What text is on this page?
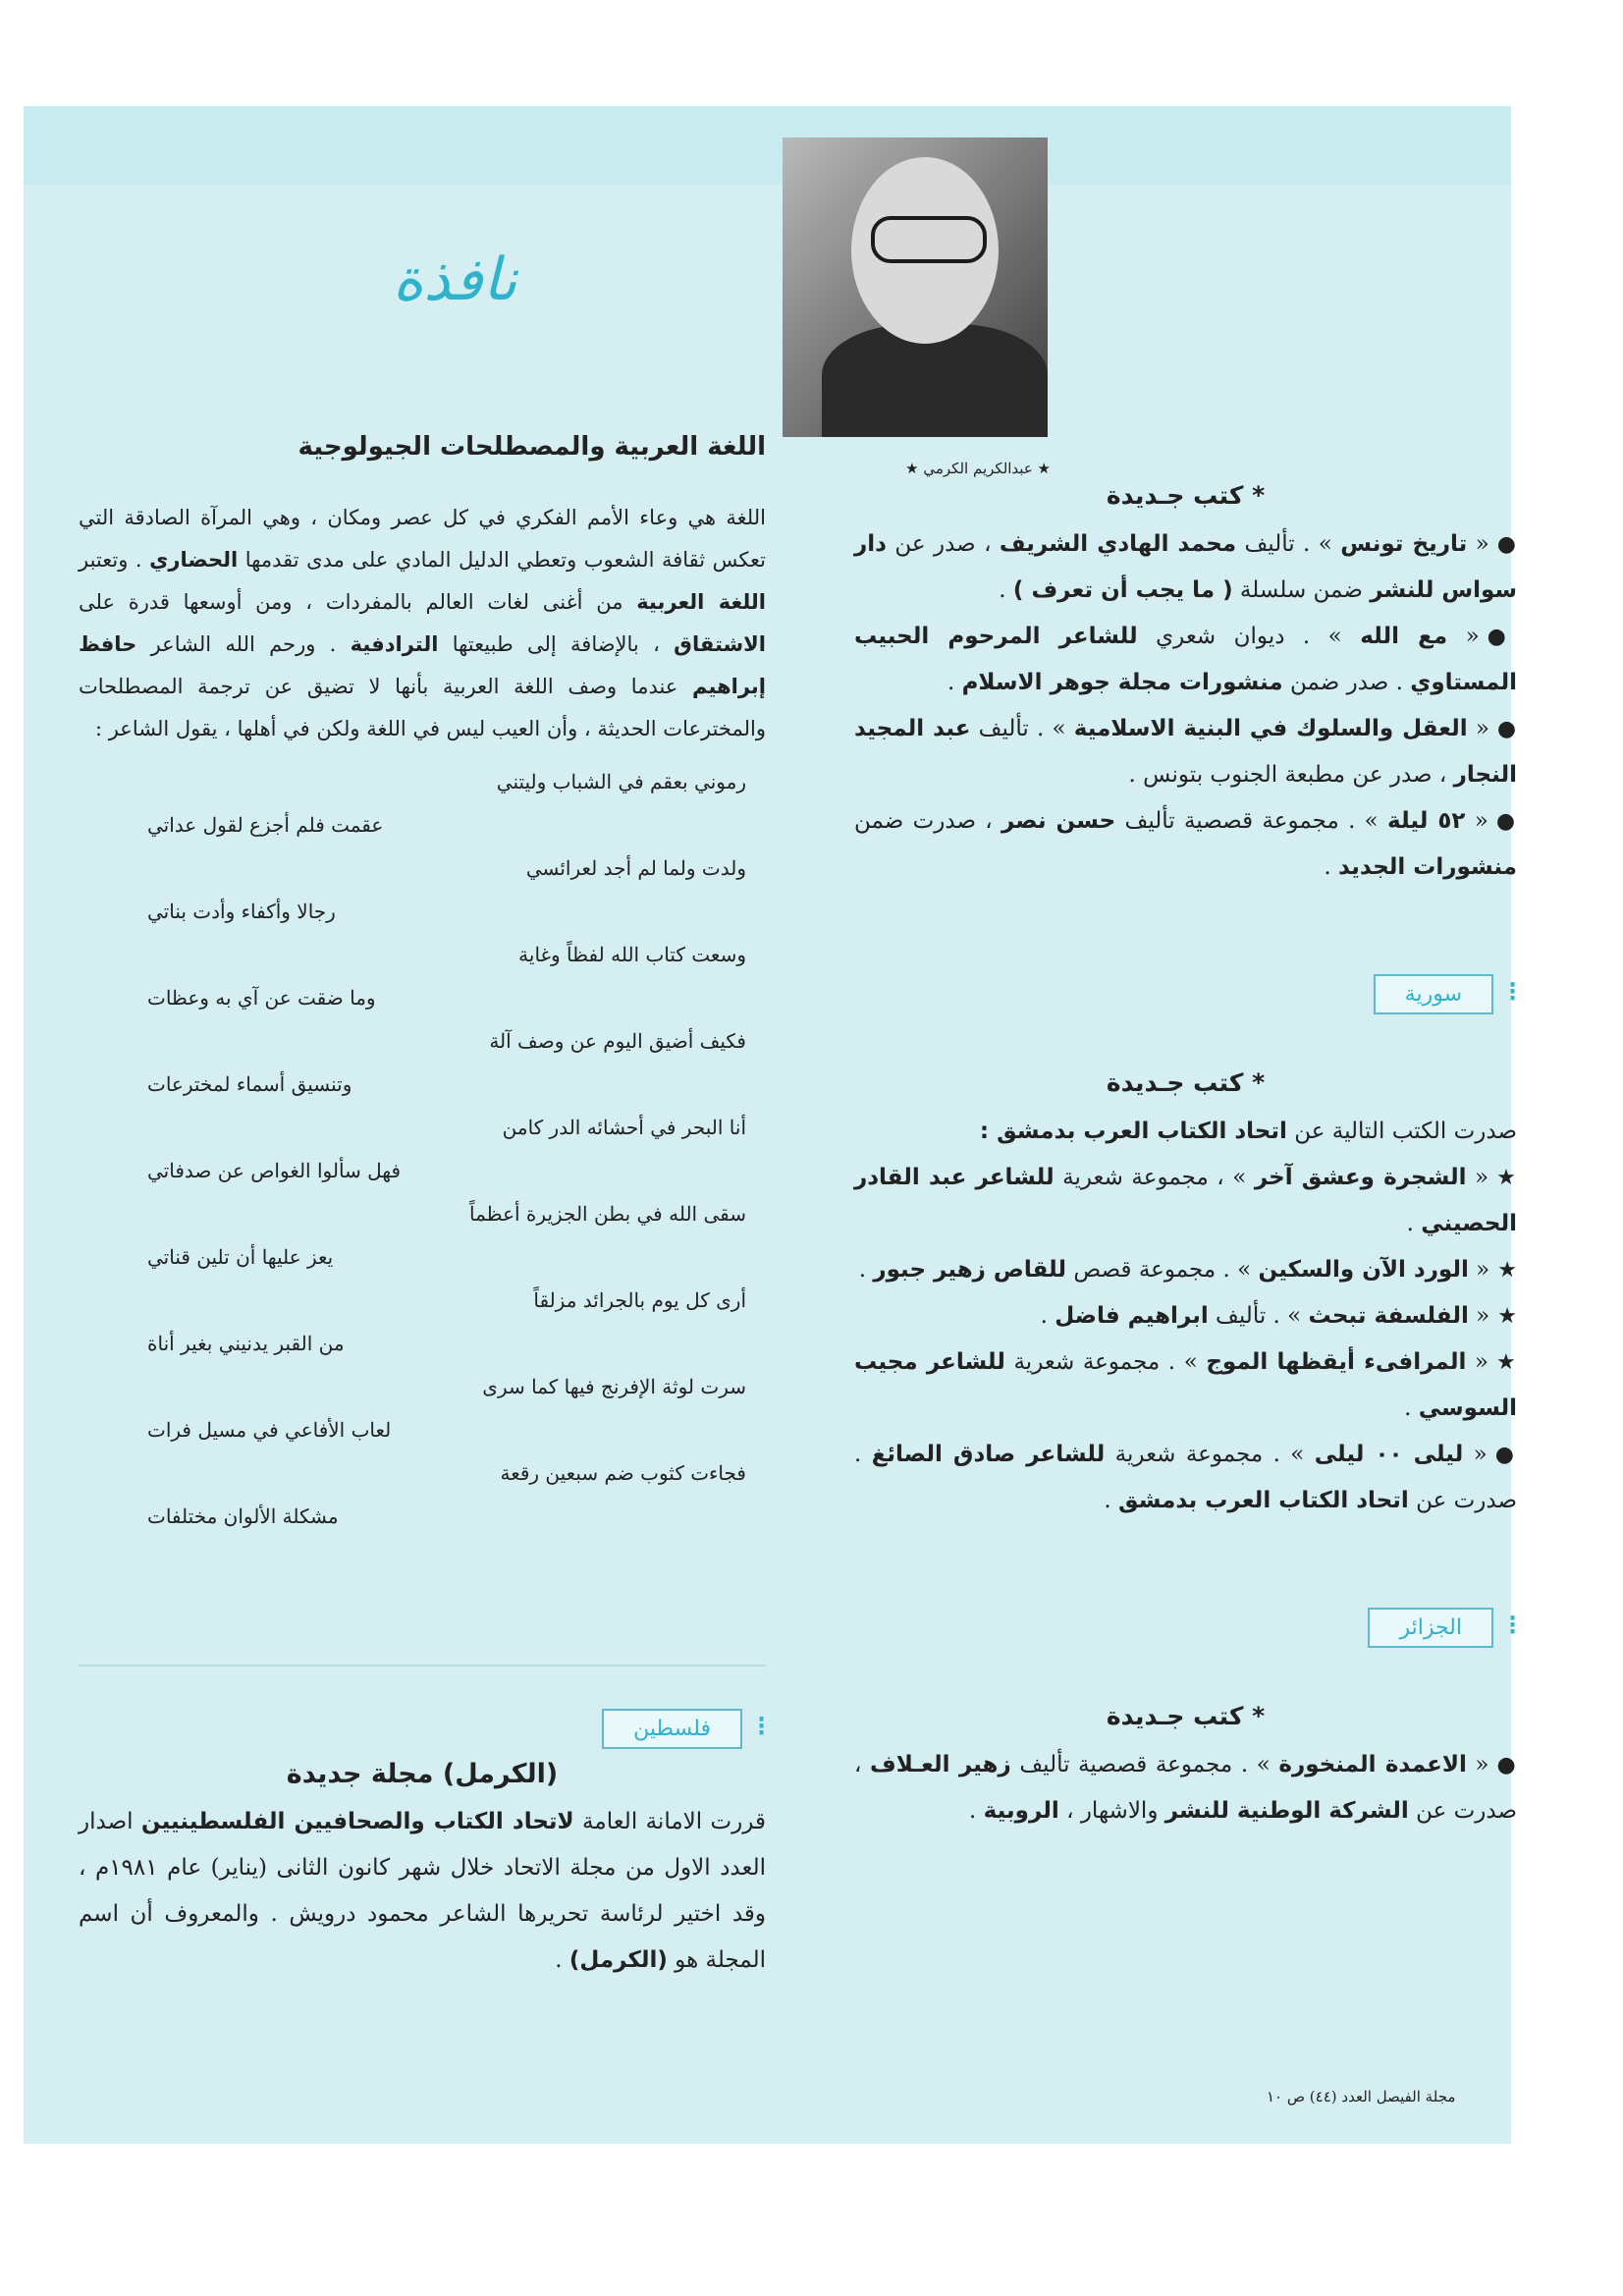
نافذة
★ عبدالكريم الكرمي ★
اللغة العربية والمصطلحات الجيولوجية

اللغة هي وعاء الأمم الفكري في كل عصر ومكان ، وهي المرآة الصادقة التي تعكس ثقافة الشعوب وتعطي الدليل المادي على مدى تقدمها الحضاري . وتعتبر اللغة العربية من أغنى لغات العالم بالمفردات ، ومن أوسعها قدرة على الاشتقاق ، بالإضافة إلى طبيعتها الترادفية . ورحم الله الشاعر حافظ إبراهيم عندما وصف اللغة العربية بأنها لا تضيق عن ترجمة المصطلحات والمخترعات الحديثة ، وأن العيب ليس في اللغة ولكن في أهلها ، يقول الشاعر :

رموني بعقم في الشباب وليتني
عقمت فلم أجزع لقول عداتي
ولدت ولما لم أجد لعرائسي
رجالا وأكفاء وأدت بناتي
وسعت كتاب الله لفظاً وغاية
وما ضقت عن آي به وعظات
فكيف أضيق اليوم عن وصف آلة
وتنسيق أسماء لمخترعات
أنا البحر في أحشائه الدر كامن
فهل سألوا الغواص عن صدفاتي
سقى الله في بطن الجزيرة أعظماً
يعز عليها أن تلين قناتي
أرى كل يوم بالجرائد مزلقاً
من القبر يدنيني بغير أناة
سرت لوثة الإفرنج فيها كما سرى
لعاب الأفاعي في مسيل فرات
فجاءت كثوب ضم سبعين رقعة
مشكلة الألوان مختلفات
⁝ فلسطين
(الكرمل) مجلة جديدة

قررت الامانة العامة لاتحاد الكتاب والصحافيين الفلسطينيين اصدار العدد الاول من مجلة الاتحاد خلال شهر كانون الثانى (يناير) عام ١٩٨١م ، وقد اختير لرئاسة تحريرها الشاعر محمود درويش . والمعروف أن اسم المجلة هو (الكرمل) .

* كتب جـديدة

●« تاريخ تونس » . تأليف محمد الهادي الشريف ، صدر عن دار سواس للنشر ضمن سلسلة ( ما يجب أن تعرف ) .

●« مع الله » . ديوان شعري للشاعر المرحوم الحبيب المستاوي . صدر ضمن منشورات مجلة جوهر الاسلام .

●« العقل والسلوك في البنية الاسلامية » . تأليف عبد المجيد النجار ، صدر عن مطبعة الجنوب بتونس .

●« ٥٢ ليلة » . مجموعة قصصية تأليف حسن نصر ، صدرت ضمن منشورات الجديد .

⁝ سورية
* كتب جـديدة

صدرت الكتب التالية عن اتحاد الكتاب العرب بدمشق :

★« الشجرة وعشق آخر » ، مجموعة شعرية للشاعر عبد القادر الحصيني .

★« الورد الآن والسكين » . مجموعة قصص للقاص زهير جبور .

★« الفلسفة تبحث » . تأليف ابراهيم فاضل .

★« المرافىء أيقظها الموج » . مجموعة شعرية للشاعر مجيب السوسي .

●« ليلى ٠٠ ليلى » . مجموعة شعرية للشاعر صادق الصائغ . صدرت عن اتحاد الكتاب العرب بدمشق .

⁝ الجزائر
* كتب جـديدة

●« الاعمدة المنخورة » . مجموعة قصصية تأليف زهير العـلاف ، صدرت عن الشركة الوطنية للنشر والاشهار ، الروبية .

مجلة الفيصل العدد (٤٤) ص ١٠
